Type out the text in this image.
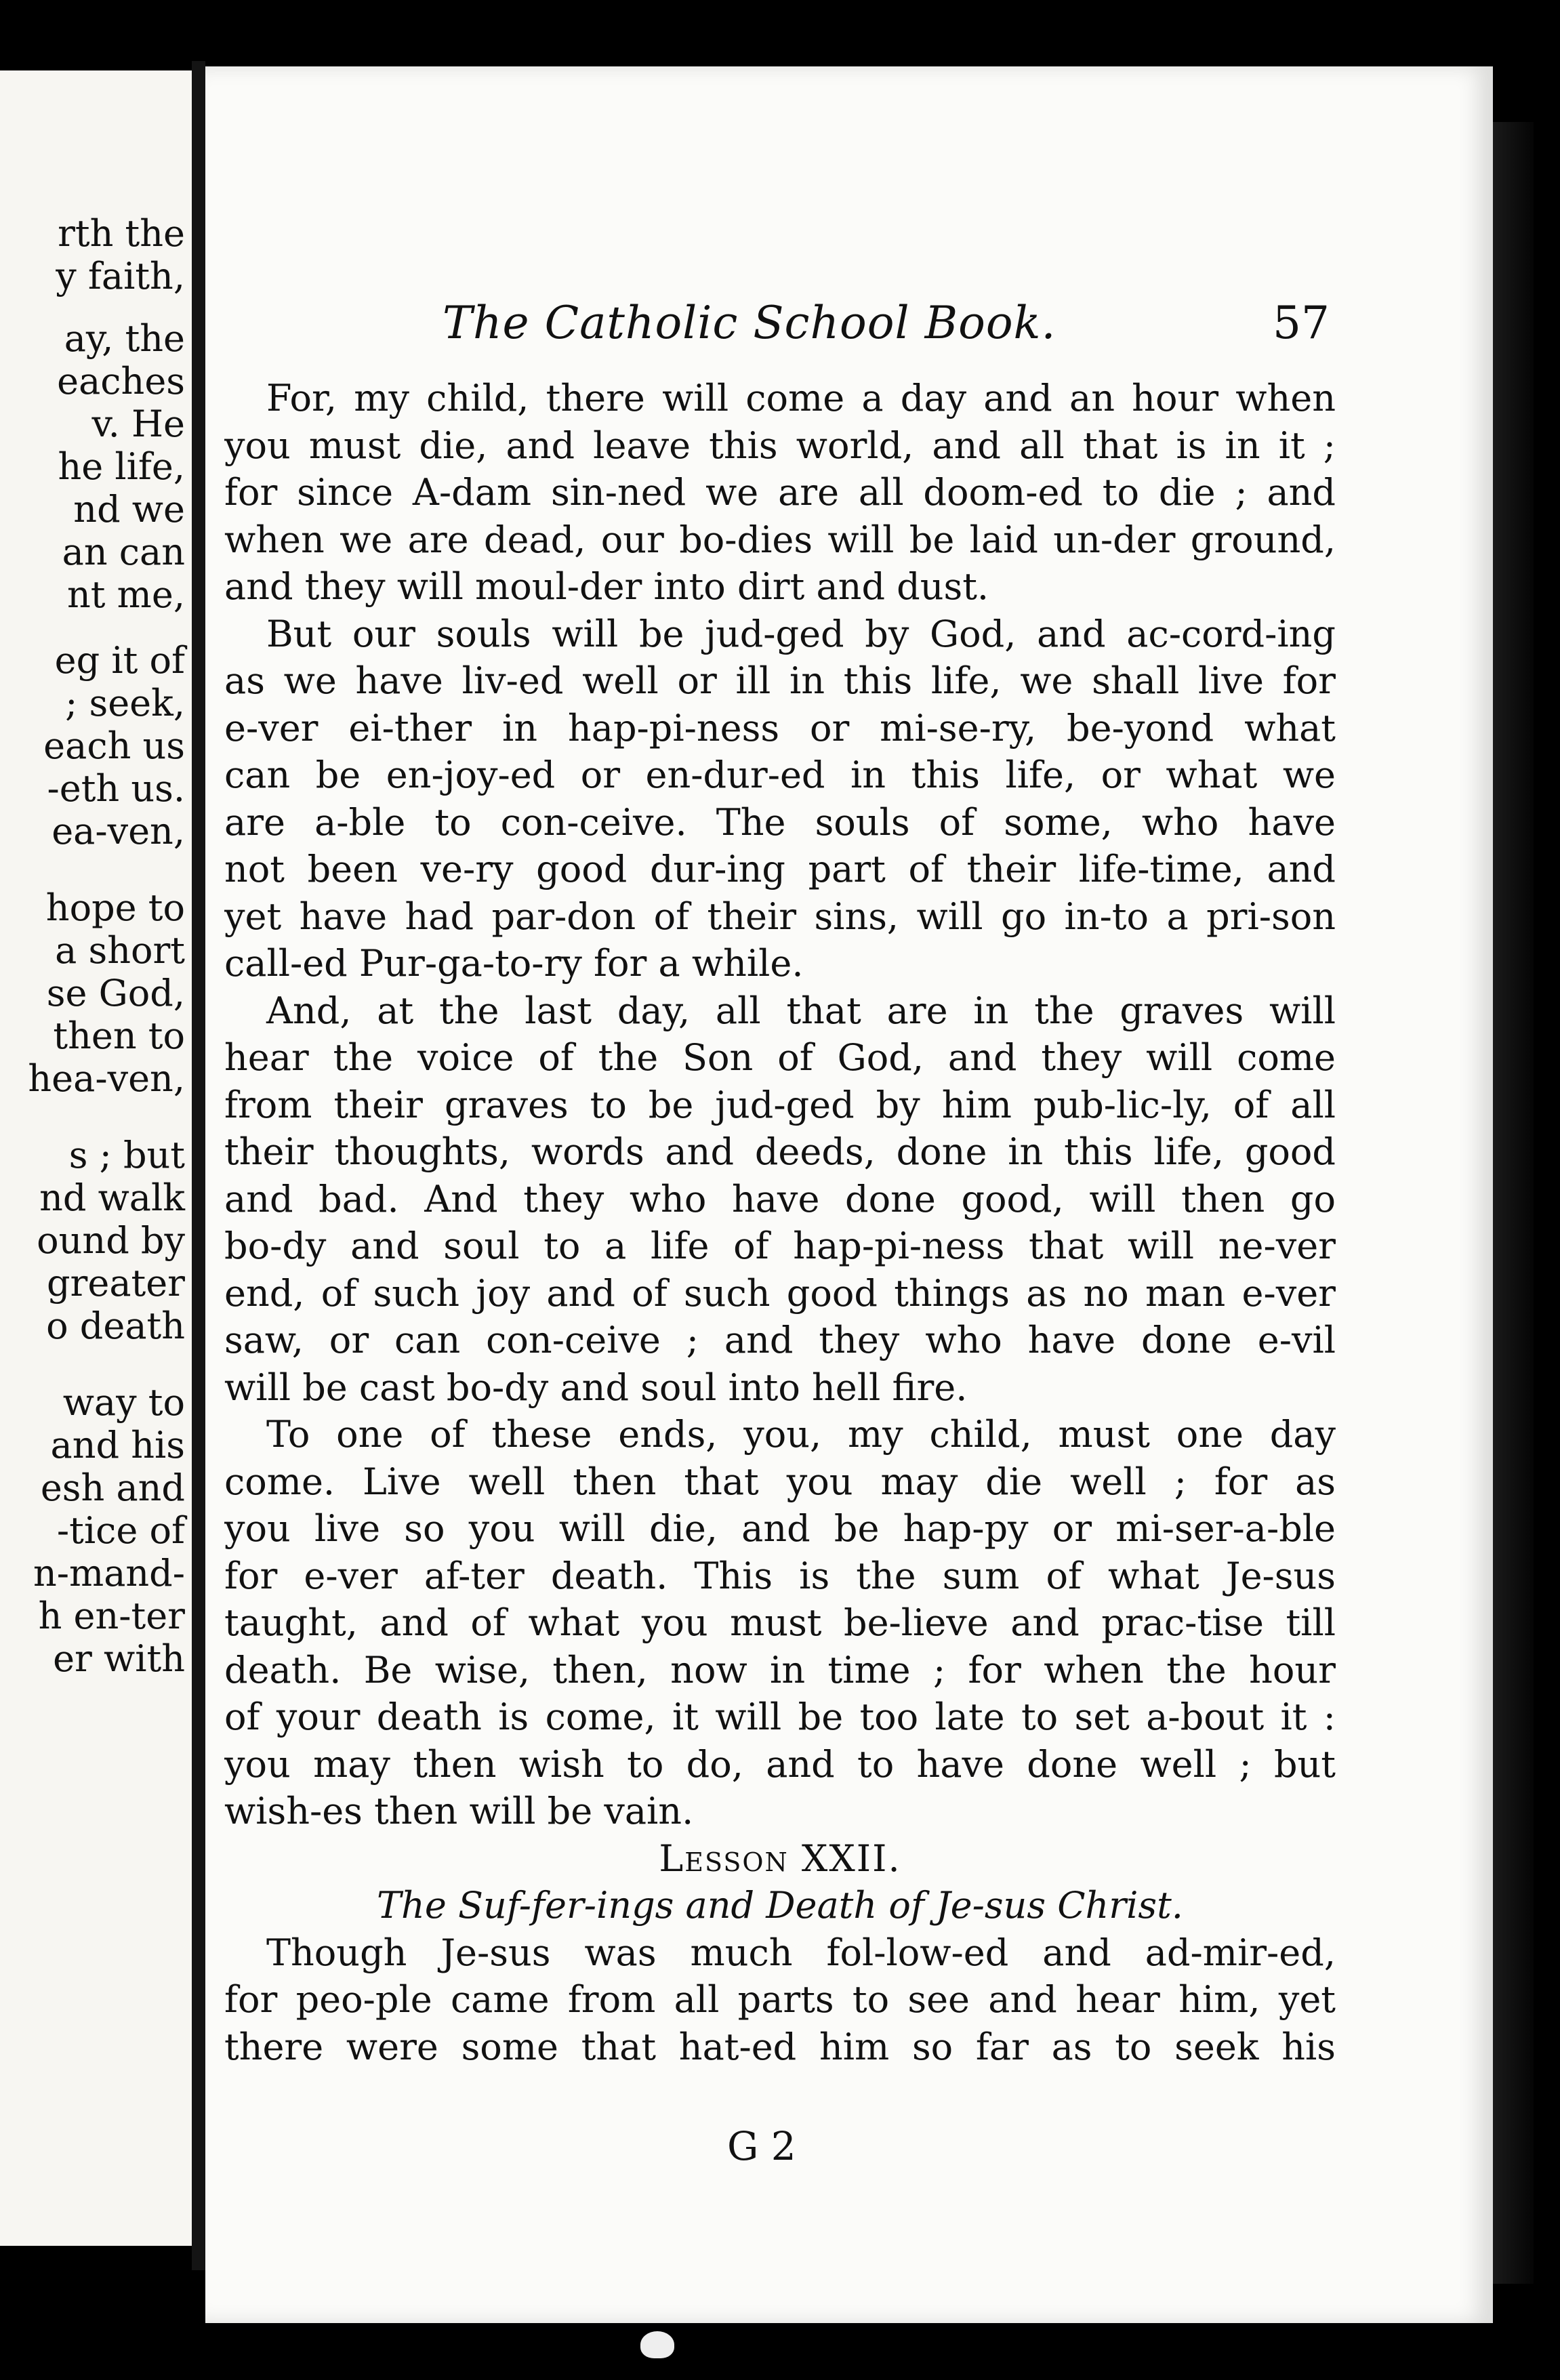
rth the
y faith,
ay, the
eaches
v. He
he life,
nd we
an can
nt me,
eg it of
; seek,
each us
-eth us.
ea-ven,
hope to
a short
se God,
then to
hea-ven,
s ; but
nd walk
ound by
greater
o death
way to
and his
esh and
-tice of
n-mand-
h en-ter
er with
The Catholic School Book.	57
For, my child, there will come a day and an hour when
you must die, and leave this world, and all that is in it ;
for since A-dam sin-ned we are all doom-ed to die ; and
when we are dead, our bo-dies will be laid un-der ground,
and they will moul-der into dirt and dust.
But our souls will be jud-ged by God, and ac-cord-ing
as we have liv-ed well or ill in this life, we shall live for
e-ver ei-ther in hap-pi-ness or mi-se-ry, be-yond what
can be en-joy-ed or en-dur-ed in this life, or what we
are a-ble to con-ceive. The souls of some, who have
not been ve-ry good dur-ing part of their life-time, and
yet have had par-don of their sins, will go in-to a pri-son
call-ed Pur-ga-to-ry for a while.
And, at the last day, all that are in the graves will
hear the voice of the Son of God, and they will come
from their graves to be jud-ged by him pub-lic-ly, of all
their thoughts, words and deeds, done in this life, good
and bad. And they who have done good, will then go
bo-dy and soul to a life of hap-pi-ness that will ne-ver
end, of such joy and of such good things as no man e-ver
saw, or can con-ceive ; and they who have done e-vil
will be cast bo-dy and soul into hell fire.
To one of these ends, you, my child, must one day
come. Live well then that you may die well ; for as
you live so you will die, and be hap-py or mi-ser-a-ble
for e-ver af-ter death. This is the sum of what Je-sus
taught, and of what you must be-lieve and prac-tise till
death. Be wise, then, now in time ; for when the hour
of your death is come, it will be too late to set a-bout it :
you may then wish to do, and to have done well ; but
wish-es then will be vain.
Lesson XXII.
The Suf-fer-ings and Death of Je-sus Christ.
Though Je-sus was much fol-low-ed and ad-mir-ed,
for peo-ple came from all parts to see and hear him, yet
there were some that hat-ed him so far as to seek his
G 2
